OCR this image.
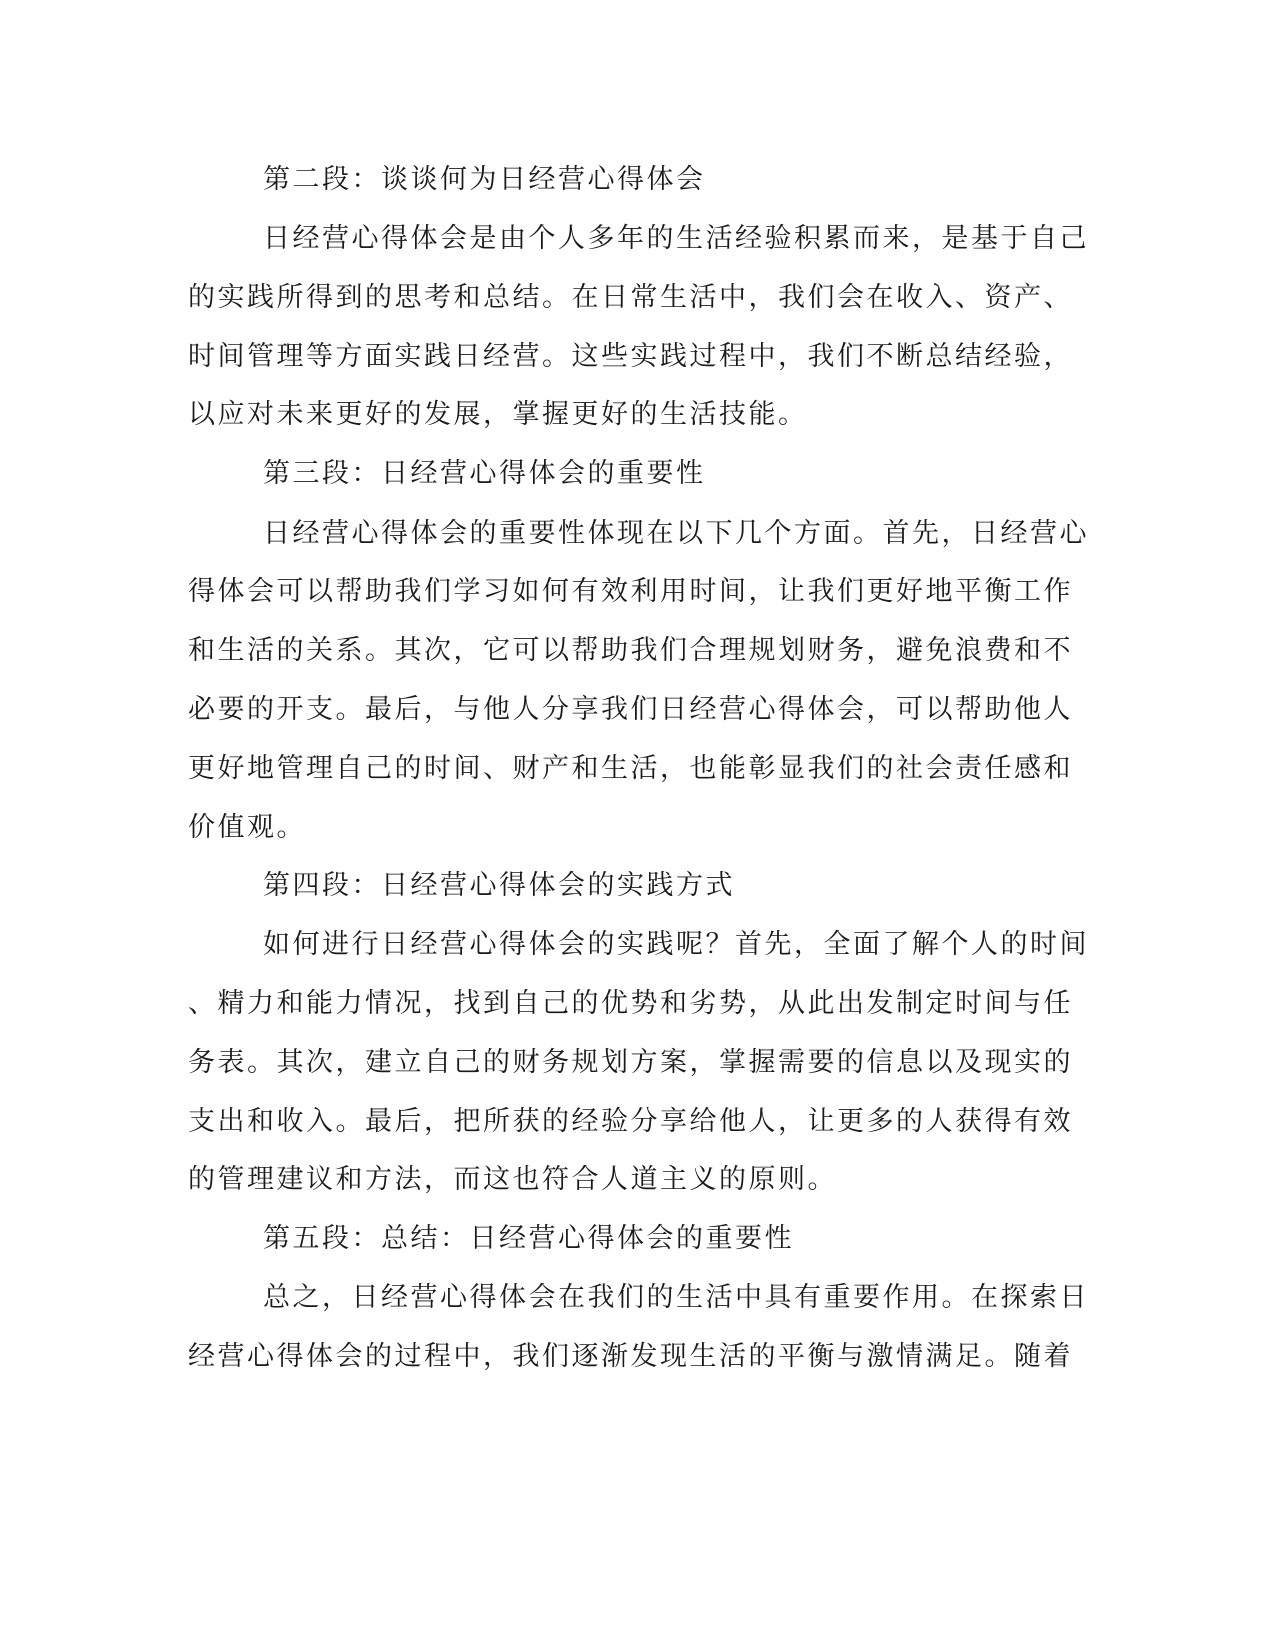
第二段：谈谈何为日经营心得体会
日经营心得体会是由个人多年的生活经验积累而来，是基于自己
的实践所得到的思考和总结。在日常生活中，我们会在收入、资产、
时间管理等方面实践日经营。这些实践过程中，我们不断总结经验，
以应对未来更好的发展，掌握更好的生活技能。
第三段：日经营心得体会的重要性
日经营心得体会的重要性体现在以下几个方面。首先，日经营心
得体会可以帮助我们学习如何有效利用时间，让我们更好地平衡工作
和生活的关系。其次，它可以帮助我们合理规划财务，避免浪费和不
必要的开支。最后，与他人分享我们日经营心得体会，可以帮助他人
更好地管理自己的时间、财产和生活，也能彰显我们的社会责任感和
价值观。
第四段：日经营心得体会的实践方式
如何进行日经营心得体会的实践呢？首先，全面了解个人的时间
、精力和能力情况，找到自己的优势和劣势，从此出发制定时间与任
务表。其次，建立自己的财务规划方案，掌握需要的信息以及现实的
支出和收入。最后，把所获的经验分享给他人，让更多的人获得有效
的管理建议和方法，而这也符合人道主义的原则。
第五段：总结：日经营心得体会的重要性
总之，日经营心得体会在我们的生活中具有重要作用。在探索日
经营心得体会的过程中，我们逐渐发现生活的平衡与激情满足。随着
